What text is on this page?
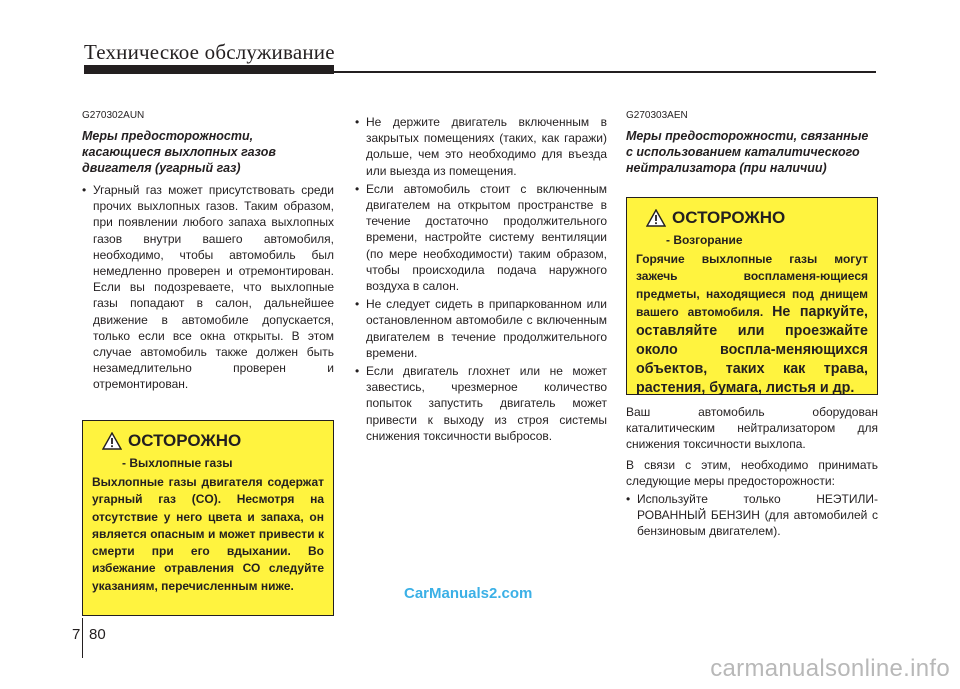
Техническое обслуживание
G270302AUN
Меры предосторожности, касающиеся выхлопных газов двигателя (угарный газ)
• Угарный газ может присутствовать среди прочих выхлопных газов. Таким образом, при появлении любого запаха выхлопных газов внутри вашего автомобиля, необходимо, чтобы автомобиль был немедленно проверен и отремонтирован. Если вы подозреваете, что выхлопные газы попадают в салон, дальнейшее движение в автомобиле допускается, только если все окна открыты. В этом случае автомобиль также должен быть незамедлительно проверен и отремонтирован.
ОСТОРОЖНО
- Выхлопные газы
Выхлопные газы двигателя содержат угарный газ (CO). Несмотря на отсутствие у него цвета и запаха, он является опасным и может привести к смерти при его вдыхании. Во избежание отравления СО следуйте указаниям, перечисленным ниже.
• Не держите двигатель включенным в закрытых помещениях (таких, как гаражи) дольше, чем это необходимо для въезда или выезда из помещения.
• Если автомобиль стоит с включенным двигателем на открытом пространстве в течение достаточно продолжительного времени, настройте систему вентиляции (по мере необходимости) таким образом, чтобы происходила подача наружного воздуха в салон.
• Не следует сидеть в припаркованном или остановленном автомобиле с включенным двигателем в течение продолжительного времени.
• Если двигатель глохнет или не может завестись, чрезмерное количество попыток запустить двигатель может привести к выходу из строя системы снижения токсичности выбросов.
G270303AEN
Меры предосторожности, связанные с использованием каталитического нейтрализатора (при наличии)
ОСТОРОЖНО
- Возгорание
Горячие выхлопные газы могут зажечь воспламеня-ющиеся предметы, находящиеся под днищем вашего автомобиля. Не паркуйте, оставляйте или проезжайте около воспла-меняющихся объектов, таких как трава, растения, бумага, листья и др.

Ваш автомобиль оборудован каталитическим нейтрализатором для снижения токсичности выхлопа.

В связи с этим, необходимо принимать следующие меры предосторожности:

• Используйте только НЕЭТИЛИ-РОВАННЫЙ БЕНЗИН (для автомобилей с бензиновым двигателем).
CarManuals2.com
7 80
carmanualsonline.info
